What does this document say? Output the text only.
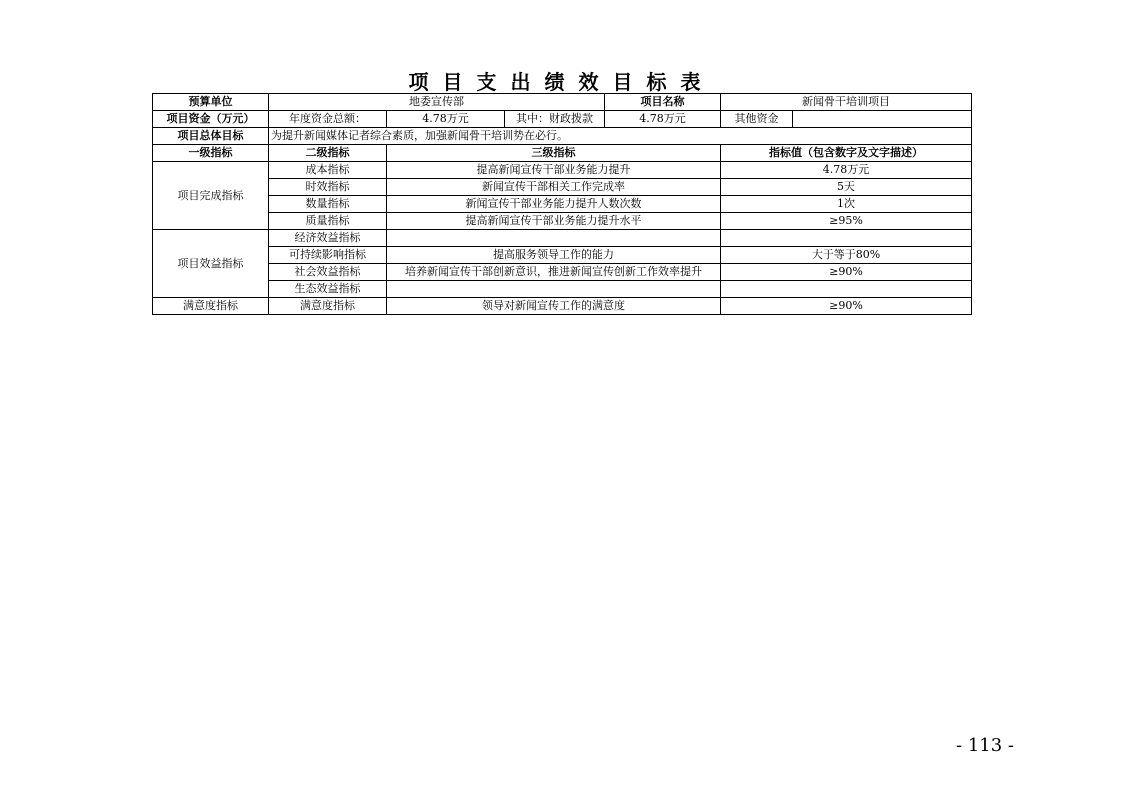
项目支出绩效目标表
预算单位	地委宣传部			项目名称	新闻骨干培训项目	
项目资金（万元）	年度资金总额：	4.78万元	其中：财政拨款	4.78万元	其他资金	
项目总体目标	为提升新闻媒体记者综合素质，加强新闻骨干培训势在必行。					
一级指标	二级指标	三级指标			指标值（包含数字及文字描述）	
项目完成指标	成本指标	提高新闻宣传干部业务能力提升			4.78万元	
	时效指标	新闻宣传干部相关工作完成率			5天	
	数量指标	新闻宣传干部业务能力提升人数次数			1次	
	质量指标	提高新闻宣传干部业务能力提升水平			≥95%	
项目效益指标	经济效益指标					
	可持续影响指标	提高服务领导工作的能力			大于等于80%	
	社会效益指标	培养新闻宣传干部创新意识，推进新闻宣传创新工作效率提升			≥90%	
	生态效益指标					
满意度指标	满意度指标	领导对新闻宣传工作的满意度			≥90%	
- 113 -
